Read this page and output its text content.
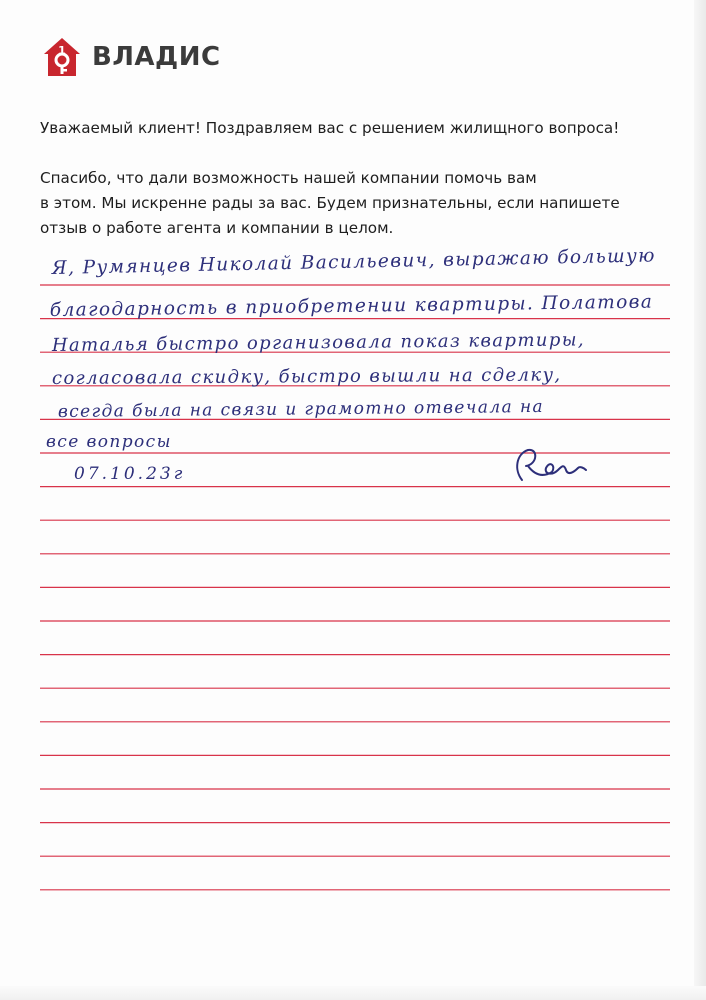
1 ВЛАДИС

Уважаемый клиент! Поздравляем вас с решением жилищного вопроса!

Спасибо, что дали возможность нашей компании помочь вам
в этом. Мы искренне рады за вас. Будем признательны, если напишете
отзыв о работе агента и компании в целом.

Я, Румянцев Николай Васильевич, выражаю большую
благодарность в приобретении квартиры. Полатова
Наталья быстро организовала показ квартиры,
согласовала скидку, быстро вышли на сделку,
всегда была на связи и грамотно отвечала на
все вопросы
07.10.23г
